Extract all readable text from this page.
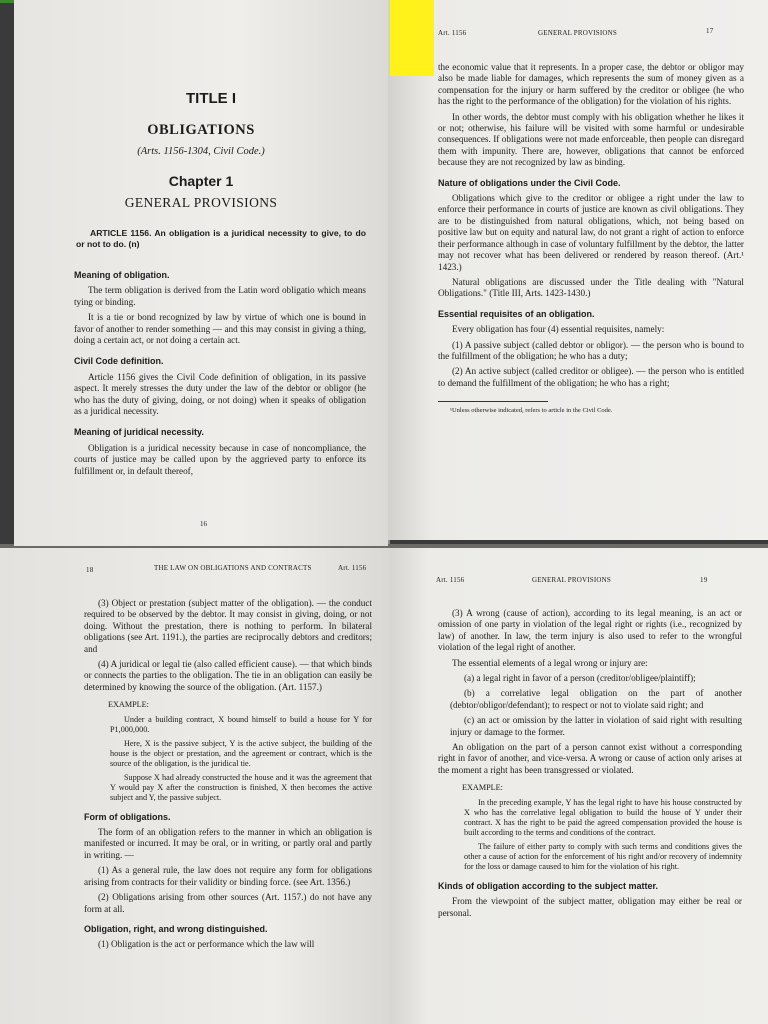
TITLE I
OBLIGATIONS
(Arts. 1156-1304, Civil Code.)
Chapter 1
GENERAL PROVISIONS

ARTICLE 1156. An obligation is a juridical necessity to give, to do or not to do. (n)

Meaning of obligation.

The term obligation is derived from the Latin word obligatio which means tying or binding.

It is a tie or bond recognized by law by virtue of which one is bound in favor of another to render something — and this may consist in giving a thing, doing a certain act, or not doing a certain act.

Civil Code definition.

Article 1156 gives the Civil Code definition of obligation, in its passive aspect. It merely stresses the duty under the law of the debtor or obligor (he who has the duty of giving, doing, or not doing) when it speaks of obligation as a juridical necessity.

Meaning of juridical necessity.

Obligation is a juridical necessity because in case of noncompliance, the courts of justice may be called upon by the aggrieved party to enforce its fulfillment or, in default thereof,

16
Art. 1156	GENERAL PROVISIONS	17

the economic value that it represents. In a proper case, the debtor or obligor may also be made liable for damages, which represents the sum of money given as a compensation for the injury or harm suffered by the creditor or obligee (he who has the right to the performance of the obligation) for the violation of his rights.

In other words, the debtor must comply with his obligation whether he likes it or not; otherwise, his failure will be visited with some harmful or undesirable consequences. If obligations were not made enforceable, then people can disregard them with impunity. There are, however, obligations that cannot be enforced because they are not recognized by law as binding.

Nature of obligations under the Civil Code.

Obligations which give to the creditor or obligee a right under the law to enforce their performance in courts of justice are known as civil obligations. They are to be distinguished from natural obligations, which, not being based on positive law but on equity and natural law, do not grant a right of action to enforce their performance although in case of voluntary fulfillment by the debtor, the latter may not recover what has been delivered or rendered by reason thereof. (Art.¹ 1423.)

Natural obligations are discussed under the Title dealing with "Natural Obligations." (Title III, Arts. 1423-1430.)

Essential requisites of an obligation.

Every obligation has four (4) essential requisites, namely:

(1) A passive subject (called debtor or obligor). — the person who is bound to the fulfillment of the obligation; he who has a duty;

(2) An active subject (called creditor or obligee). — the person who is entitled to demand the fulfillment of the obligation; he who has a right;

¹Unless otherwise indicated, refers to article in the Civil Code.

18	THE LAW ON OBLIGATIONS AND CONTRACTS	Art. 1156

(3) Object or prestation (subject matter of the obligation). — the conduct required to be observed by the debtor. It may consist in giving, doing, or not doing. Without the prestation, there is nothing to perform. In bilateral obligations (see Art. 1191.), the parties are reciprocally debtors and creditors; and

(4) A juridical or legal tie (also called efficient cause). — that which binds or connects the parties to the obligation. The tie in an obligation can easily be determined by knowing the source of the obligation. (Art. 1157.)

EXAMPLE:

Under a building contract, X bound himself to build a house for Y for P1,000,000.

Here, X is the passive subject, Y is the active subject, the building of the house is the object or prestation, and the agreement or contract, which is the source of the obligation, is the juridical tie.

Suppose X had already constructed the house and it was the agreement that Y would pay X after the construction is finished, X then becomes the active subject and Y, the passive subject.

Form of obligations.

The form of an obligation refers to the manner in which an obligation is manifested or incurred. It may be oral, or in writing, or partly oral and partly in writing. —

(1) As a general rule, the law does not require any form for obligations arising from contracts for their validity or binding force. (see Art. 1356.)

(2) Obligations arising from other sources (Art. 1157.) do not have any form at all.

Obligation, right, and wrong distinguished.

(1) Obligation is the act or performance which the law will

Art. 1156	GENERAL PROVISIONS	19

(3) A wrong (cause of action), according to its legal meaning, is an act or omission of one party in violation of the legal right or rights (i.e., recognized by law) of another. In law, the term injury is also used to refer to the wrongful violation of the legal right of another.

The essential elements of a legal wrong or injury are:

(a) a legal right in favor of a person (creditor/obligee/plaintiff);

(b) a correlative legal obligation on the part of another (debtor/obligor/defendant); to respect or not to violate said right; and

(c) an act or omission by the latter in violation of said right with resulting injury or damage to the former.

An obligation on the part of a person cannot exist without a corresponding right in favor of another, and vice-versa. A wrong or cause of action only arises at the moment a right has been transgressed or violated.

EXAMPLE:

In the preceding example, Y has the legal right to have his house constructed by X who has the correlative legal obligation to build the house of Y under their contract. X has the right to be paid the agreed compensation provided the house is built according to the terms and conditions of the contract.

The failure of either party to comply with such terms and conditions gives the other a cause of action for the enforcement of his right and/or recovery of indemnity for the loss or damage caused to him for the violation of his right.

Kinds of obligation according to the subject matter.

From the viewpoint of the subject matter, obligation may either be real or personal.
